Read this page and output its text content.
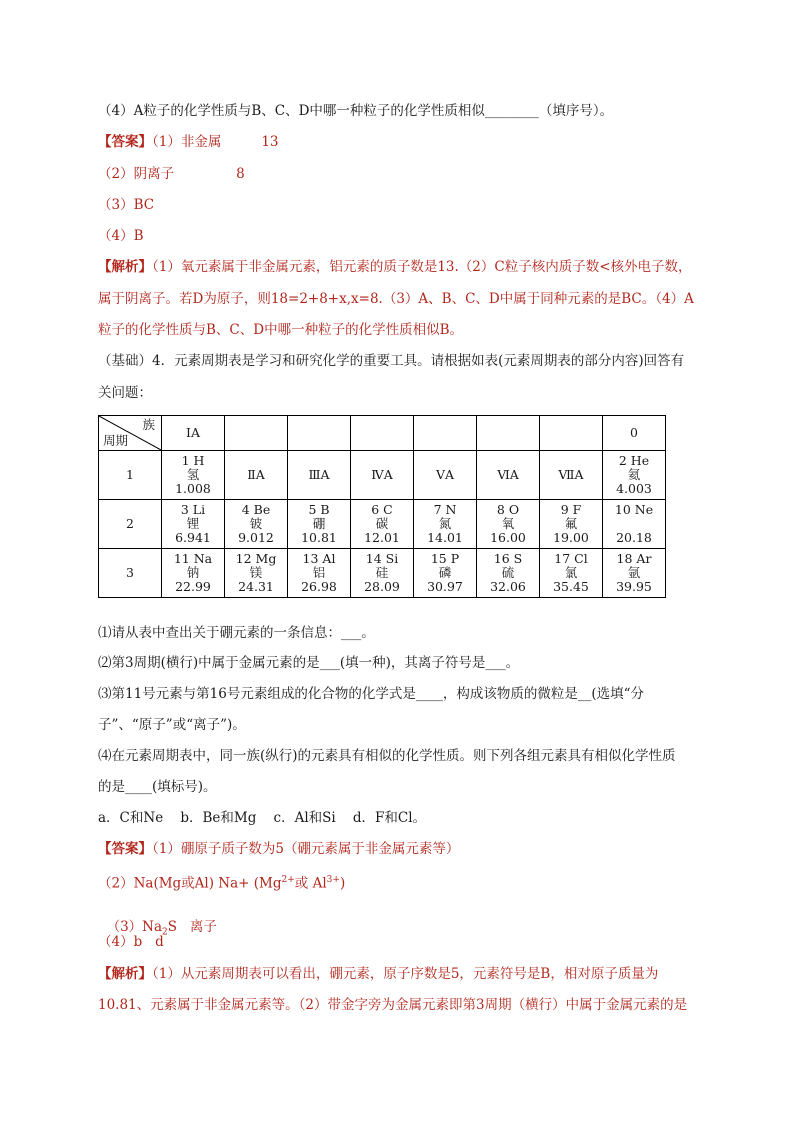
（4）A粒子的化学性质与B、C、D中哪一种粒子的化学性质相似________（填序号）。
【答案】（1）非金属	13
（2）阴离子	8
（3）BC
（4）B
【解析】（1）氧元素属于非金属元素，铝元素的质子数是13.（2）C粒子核内质子数<核外电子数，
属于阴离子。若D为原子，则18=2+8+x,x=8.（3）A、B、C、D中属于同种元素的是BC。（4）A
粒子的化学性质与B、C、D中哪一种粒子的化学性质相似B。
（基础）4．元素周期表是学习和研究化学的重要工具。请根据如表(元素周期表的部分内容)回答有
关问题：
族
周期	ⅠA							0
1	1 H
氢
1.008	ⅡA	ⅢA	ⅣA	ⅤA	ⅥA	ⅦA	2 He
氦
4.003

2	3 Li
锂
6.941	4 Be
铍
9.012	5 B
硼
10.81	6 C
碳
12.01	7 N
氮
14.01	8 O
氧
16.00	9 F
氟
19.00	10 Ne
20.18

3	11 Na
钠
22.99	12 Mg
镁
24.31	13 Al
铝
26.98	14 Si
硅
28.09	15 P
磷
30.97	16 S
硫
32.06	17 Cl
氯
35.45	18 Ar
氩
39.95
⑴请从表中查出关于硼元素的一条信息：___。
⑵第3周期(横行)中属于金属元素的是___(填一种)，其离子符号是___。
⑶第11号元素与第16号元素组成的化合物的化学式是____，构成该物质的微粒是__(选填“分
子”、“原子”或“离子”)。
⑷在元素周期表中，同一族(纵行)的元素具有相似的化学性质。则下列各组元素具有相似化学性质
的是____(填标号)。
a．C和Ne    b．Be和Mg    c．Al和Si    d．F和Cl。
【答案】（1）硼原子质子数为5（硼元素属于非金属元素等）
（2）Na(Mg或Al) $Na+ (Mg^{2+}$或 $Al^{3+}$)

$(3)Na_2S$   离子

（4）b   d
【解析】（1）从元素周期表可以看出，硼元素，原子序数是5，元素符号是B，相对原子质量为
10.81、元素属于非金属元素等。（2）带金字旁为金属元素即第3周期（横行）中属于金属元素的是
